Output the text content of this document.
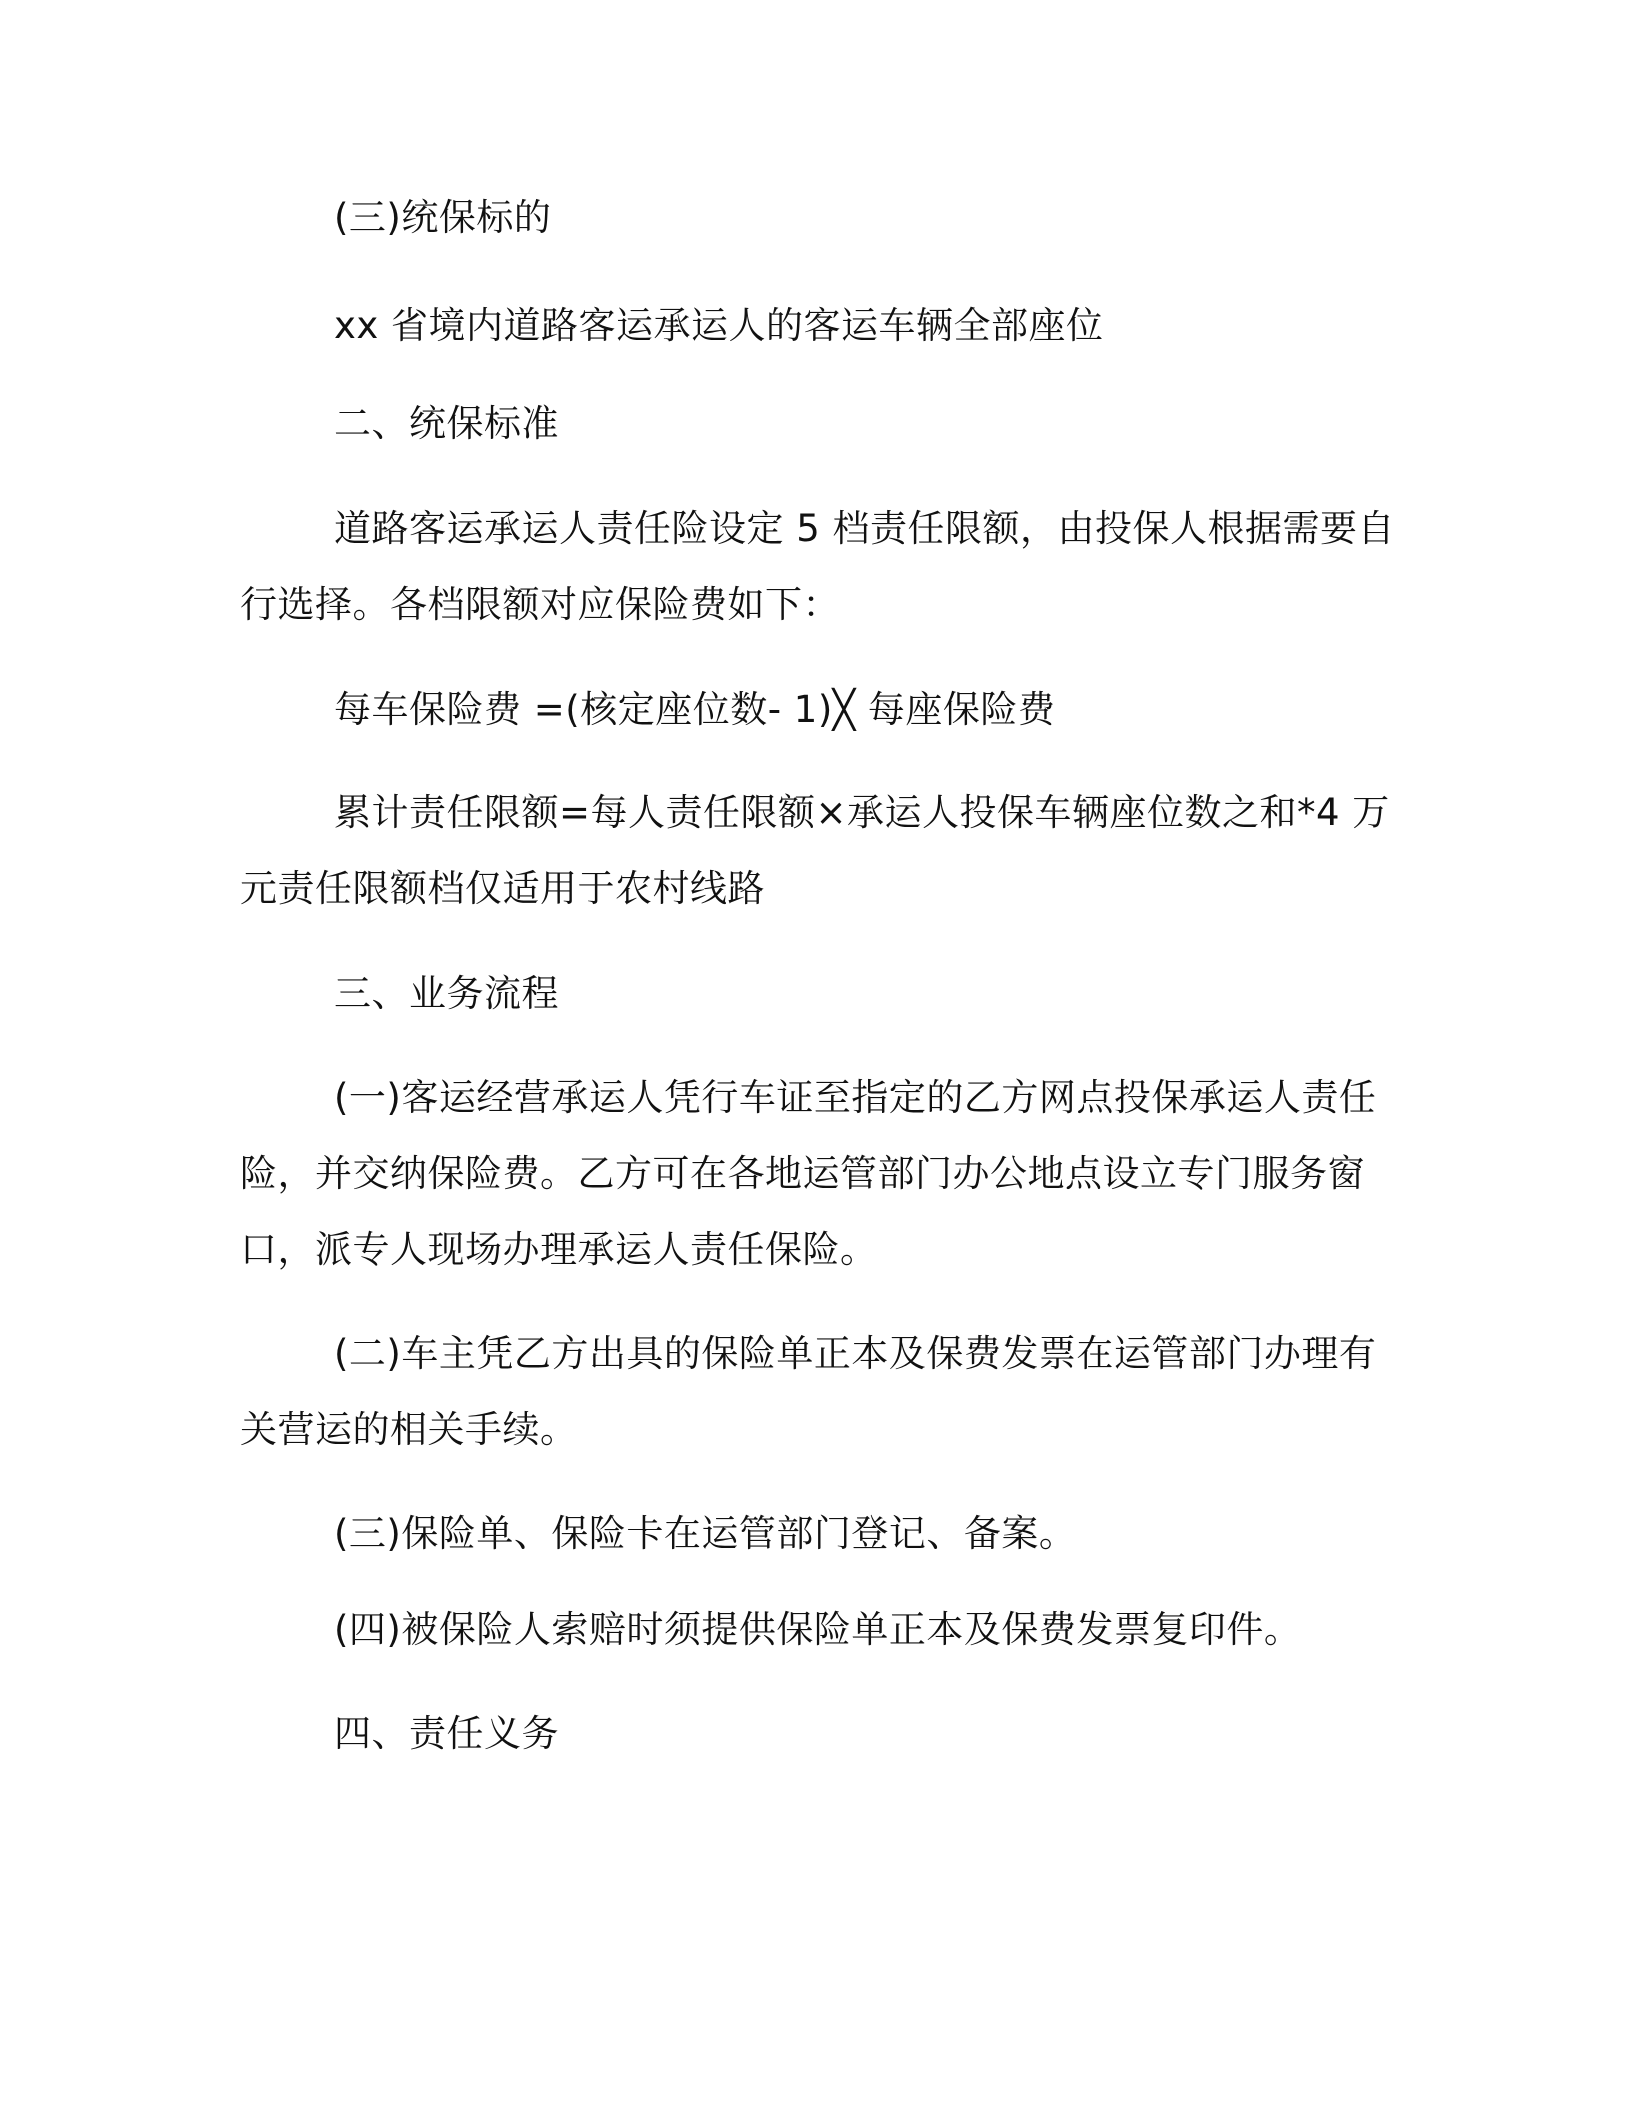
(三)统保标的
xx 省境内道路客运承运人的客运车辆全部座位
二、统保标准
道路客运承运人责任险设定 5 档责任限额，由投保人根据需要自
行选择。各档限额对应保险费如下：
每车保险费 =(核定座位数- 1)╳ 每座保险费
累计责任限额=每人责任限额×承运人投保车辆座位数之和*4 万
元责任限额档仅适用于农村线路
三、业务流程
(一)客运经营承运人凭行车证至指定的乙方网点投保承运人责任
险，并交纳保险费。乙方可在各地运管部门办公地点设立专门服务窗
口，派专人现场办理承运人责任保险。
(二)车主凭乙方出具的保险单正本及保费发票在运管部门办理有
关营运的相关手续。
(三)保险单、保险卡在运管部门登记、备案。
(四)被保险人索赔时须提供保险单正本及保费发票复印件。
四、责任义务
